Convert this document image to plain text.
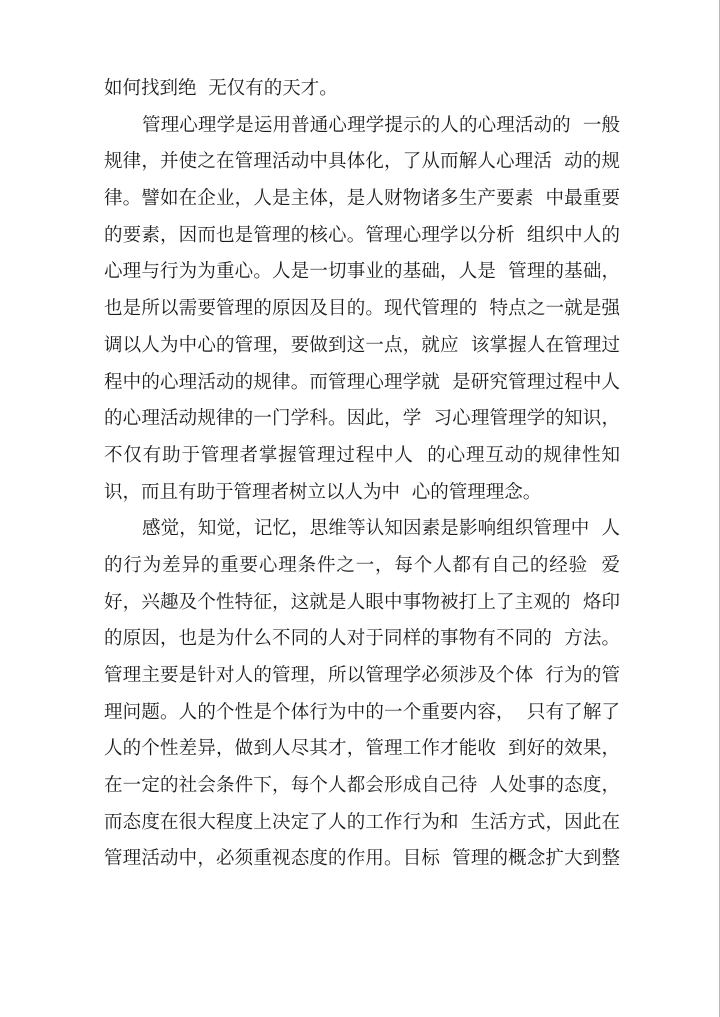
如何找到绝  无仅有的天才。
管理心理学是运用普通心理学提示的人的心理活动的  一般
规律，并使之在管理活动中具体化，了从而解人心理活  动的规
律。譬如在企业，人是主体，是人财物诸多生产要素  中最重要
的要素，因而也是管理的核心。管理心理学以分析  组织中人的
心理与行为为重心。人是一切事业的基础，人是  管理的基础，
也是所以需要管理的原因及目的。现代管理的  特点之一就是强
调以人为中心的管理，要做到这一点，就应  该掌握人在管理过
程中的心理活动的规律。而管理心理学就  是研究管理过程中人
的心理活动规律的一门学科。因此，学  习心理管理学的知识，
不仅有助于管理者掌握管理过程中人  的心理互动的规律性知
识，而且有助于管理者树立以人为中  心的管理理念。
感觉，知觉，记忆，思维等认知因素是影响组织管理中  人
的行为差异的重要心理条件之一，每个人都有自己的经验  爱
好，兴趣及个性特征，这就是人眼中事物被打上了主观的  烙印
的原因，也是为什么不同的人对于同样的事物有不同的  方法。
管理主要是针对人的管理，所以管理学必须涉及个体  行为的管
理问题。人的个性是个体行为中的一个重要内容，  只有了解了
人的个性差异，做到人尽其才，管理工作才能收  到好的效果，
在一定的社会条件下，每个人都会形成自己待  人处事的态度，
而态度在很大程度上决定了人的工作行为和  生活方式，因此在
管理活动中，必须重视态度的作用。目标  管理的概念扩大到整
